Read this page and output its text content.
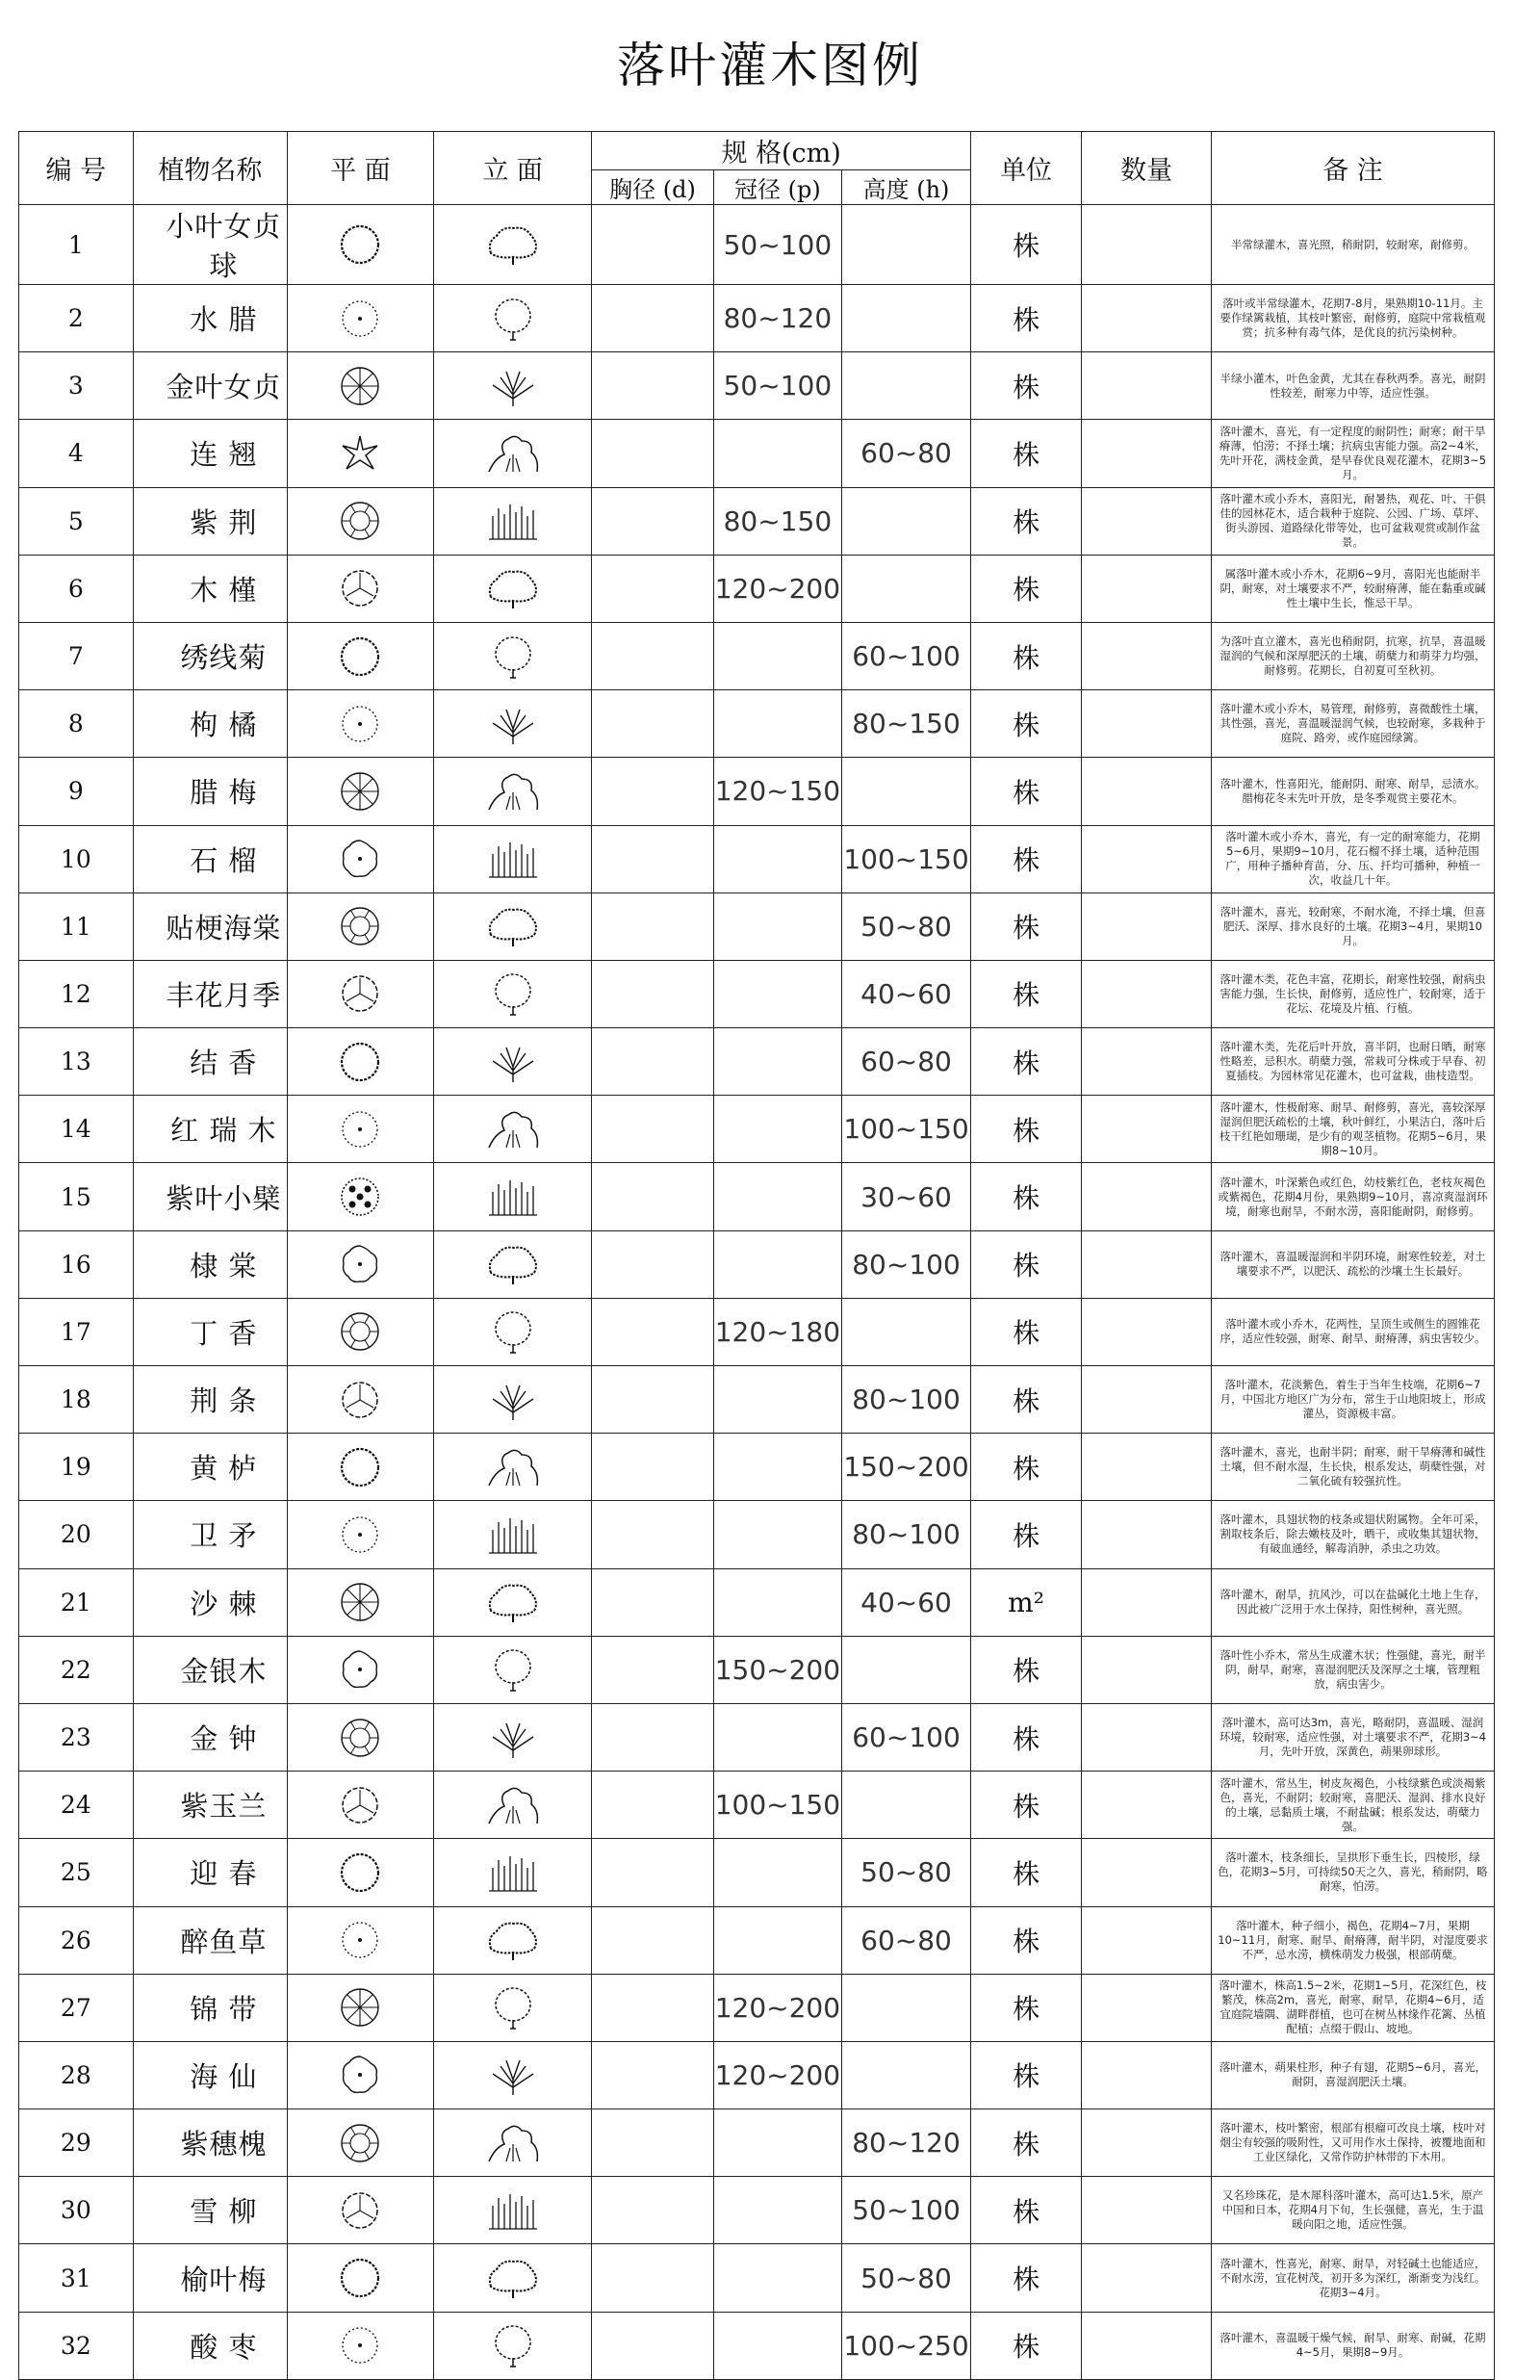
落叶灌木图例
编 号	植物名称	平 面	立 面	规 格(cm)			单位	数量	备 注
				胸径 (d)	冠径 (p)	高度 (h)			
1	小叶女贞球				50~100		株		半常绿灌木，喜光照，稍耐阴，较耐寒，耐修剪。
2	水 腊				80~120		株		落叶或半常绿灌木，花期7-8月，果熟期10-11月。主要作绿篱栽植，其枝叶繁密，耐修剪，庭院中常栽植观赏；抗多种有毒气体，是优良的抗污染树种。
3	金叶女贞				50~100		株		半绿小灌木，叶色金黄，尤其在春秋两季。喜光，耐阴性较差，耐寒力中等，适应性强。
4	连 翘					60~80	株		落叶灌木，喜光，有一定程度的耐阴性；耐寒；耐干旱瘠薄，怕涝；不择土壤；抗病虫害能力强。高2~4米，先叶开花，满枝金黄，是早春优良观花灌木，花期3~5月。
5	紫 荆				80~150		株		落叶灌木或小乔木，喜阳光，耐暑热，观花、叶、干俱佳的园林花木，适合栽种于庭院、公园、广场、草坪、街头游园、道路绿化带等处，也可盆栽观赏或制作盆景。
6	木 槿				120~200		株		属落叶灌木或小乔木，花期6~9月，喜阳光也能耐半阴，耐寒，对土壤要求不严，较耐瘠薄，能在黏重或碱性土壤中生长，惟忌干旱。
7	绣线菊					60~100	株		为落叶直立灌木，喜光也稍耐阴，抗寒，抗旱，喜温暖湿润的气候和深厚肥沃的土壤，萌蘖力和萌芽力均强，耐修剪。花期长，自初夏可至秋初。
8	枸 橘					80~150	株		落叶灌木或小乔木，易管理，耐修剪，喜微酸性土壤，其性强，喜光，喜温暖湿润气候，也较耐寒，多栽种于庭院、路旁，或作庭园绿篱。
9	腊 梅				120~150		株		落叶灌木，性喜阳光，能耐阴、耐寒、耐旱，忌渍水。腊梅花冬末先叶开放，是冬季观赏主要花木。
10	石 榴					100~150	株		落叶灌木或小乔木，喜光，有一定的耐寒能力，花期5~6月，果期9~10月，花石榴不择土壤，适种范围广，用种子播种育苗，分、压、扦均可播种，种植一次，收益几十年。
11	贴梗海棠					50~80	株		落叶灌木，喜光，较耐寒，不耐水淹，不择土壤，但喜肥沃、深厚、排水良好的土壤。花期3~4月，果期10月。
12	丰花月季					40~60	株		落叶灌木类，花色丰富，花期长，耐寒性较强，耐病虫害能力强，生长快，耐修剪，适应性广，较耐寒，适于花坛、花境及片植、行植。
13	结 香					60~80	株		落叶灌木类，先花后叶开放，喜半阴，也耐日晒，耐寒性略差，忌积水。萌蘖力强，常栽可分株或于早春、初夏插枝。为园林常见花灌木，也可盆栽，曲枝造型。
14	红 瑞 木					100~150	株		落叶灌木，性极耐寒、耐旱、耐修剪，喜光，喜较深厚湿润但肥沃疏松的土壤，秋叶鲜红，小果洁白，落叶后枝干红艳如珊瑚，是少有的观茎植物。花期5~6月，果期8~10月。
15	紫叶小檗					30~60	株		落叶灌木，叶深紫色或红色，幼枝紫红色，老枝灰褐色或紫褐色，花期4月份，果熟期9~10月，喜凉爽湿润环境，耐寒也耐旱，不耐水涝，喜阳能耐阴，耐修剪。
16	棣 棠					80~100	株		落叶灌木，喜温暖湿润和半阴环境，耐寒性较差，对土壤要求不严，以肥沃、疏松的沙壤土生长最好。
17	丁 香				120~180		株		落叶灌木或小乔木，花两性，呈顶生或侧生的圆锥花序，适应性较强，耐寒、耐旱、耐瘠薄，病虫害较少。
18	荆 条					80~100	株		落叶灌木，花淡紫色，着生于当年生枝端，花期6~7月，中国北方地区广为分布，常生于山地阳坡上，形成灌丛，资源极丰富。
19	黄 栌					150~200	株		落叶灌木，喜光，也耐半阴；耐寒，耐干旱瘠薄和碱性土壤，但不耐水湿，生长快，根系发达，萌蘖性强，对二氧化硫有较强抗性。
20	卫 矛					80~100	株		落叶灌木，具翅状物的枝条或翅状附属物。全年可采，割取枝条后，除去嫩枝及叶，晒干，或收集其翅状物，有破血通经，解毒消肿，杀虫之功效。
21	沙 棘					40~60	m²		落叶灌木，耐旱，抗风沙，可以在盐碱化土地上生存，因此被广泛用于水土保持，阳性树种，喜光照。
22	金银木				150~200		株		落叶性小乔木，常丛生成灌木状；性强健，喜光，耐半阴，耐旱，耐寒，喜湿润肥沃及深厚之土壤，管理粗放，病虫害少。
23	金 钟					60~100	株		落叶灌木，高可达3m，喜光，略耐阴，喜温暖、湿润环境，较耐寒，适应性强，对土壤要求不严，花期3~4月，先叶开放，深黄色，蒴果卵球形。
24	紫玉兰				100~150		株		落叶灌木，常丛生，树皮灰褐色，小枝绿紫色或淡褐紫色，喜光，不耐阴；较耐寒，喜肥沃、湿润、排水良好的土壤，忌黏质土壤，不耐盐碱；根系发达，萌蘖力强。
25	迎 春					50~80	株		落叶灌木，枝条细长，呈拱形下垂生长，四棱形，绿色，花期3~5月，可持续50天之久，喜光，稍耐阴，略耐寒，怕涝。
26	醉鱼草					60~80	株		落叶灌木，种子细小，褐色，花期4~7月，果期10~11月，耐寒、耐旱、耐瘠薄，耐半阴，对湿度要求不严，忌水涝，横株萌发力极强，根部萌蘖。
27	锦 带				120~200		株		落叶灌木，株高1.5~2米，花期1~5月，花深红色，枝繁茂，株高2m，喜光，耐寒，耐旱，花期4~6月，适宜庭院墙隅、湖畔群植，也可在树丛林缘作花篱、丛植配植；点缀于假山、坡地。
28	海 仙				120~200		株		落叶灌木，蒴果柱形，种子有翅，花期5~6月，喜光，耐阴，喜湿润肥沃土壤。
29	紫穗槐					80~120	株		落叶灌木，枝叶繁密，根部有根瘤可改良土壤，枝叶对烟尘有较强的吸附性，又可用作水土保持，被覆地面和工业区绿化，又常作防护林带的下木用。
30	雪 柳					50~100	株		又名珍珠花，是木犀科落叶灌木，高可达1.5米，原产中国和日本，花期4月下旬，生长强健，喜光，生于温暖向阳之地，适应性强。
31	榆叶梅					50~80	株		落叶灌木，性喜光，耐寒、耐旱，对轻碱土也能适应，不耐水涝，宜花树茂，初开多为深红，渐渐变为浅红。花期3~4月。
32	酸 枣					100~250	株		落叶灌木，喜温暖干燥气候，耐旱、耐寒、耐碱，花期4~5月，果期8~9月。
